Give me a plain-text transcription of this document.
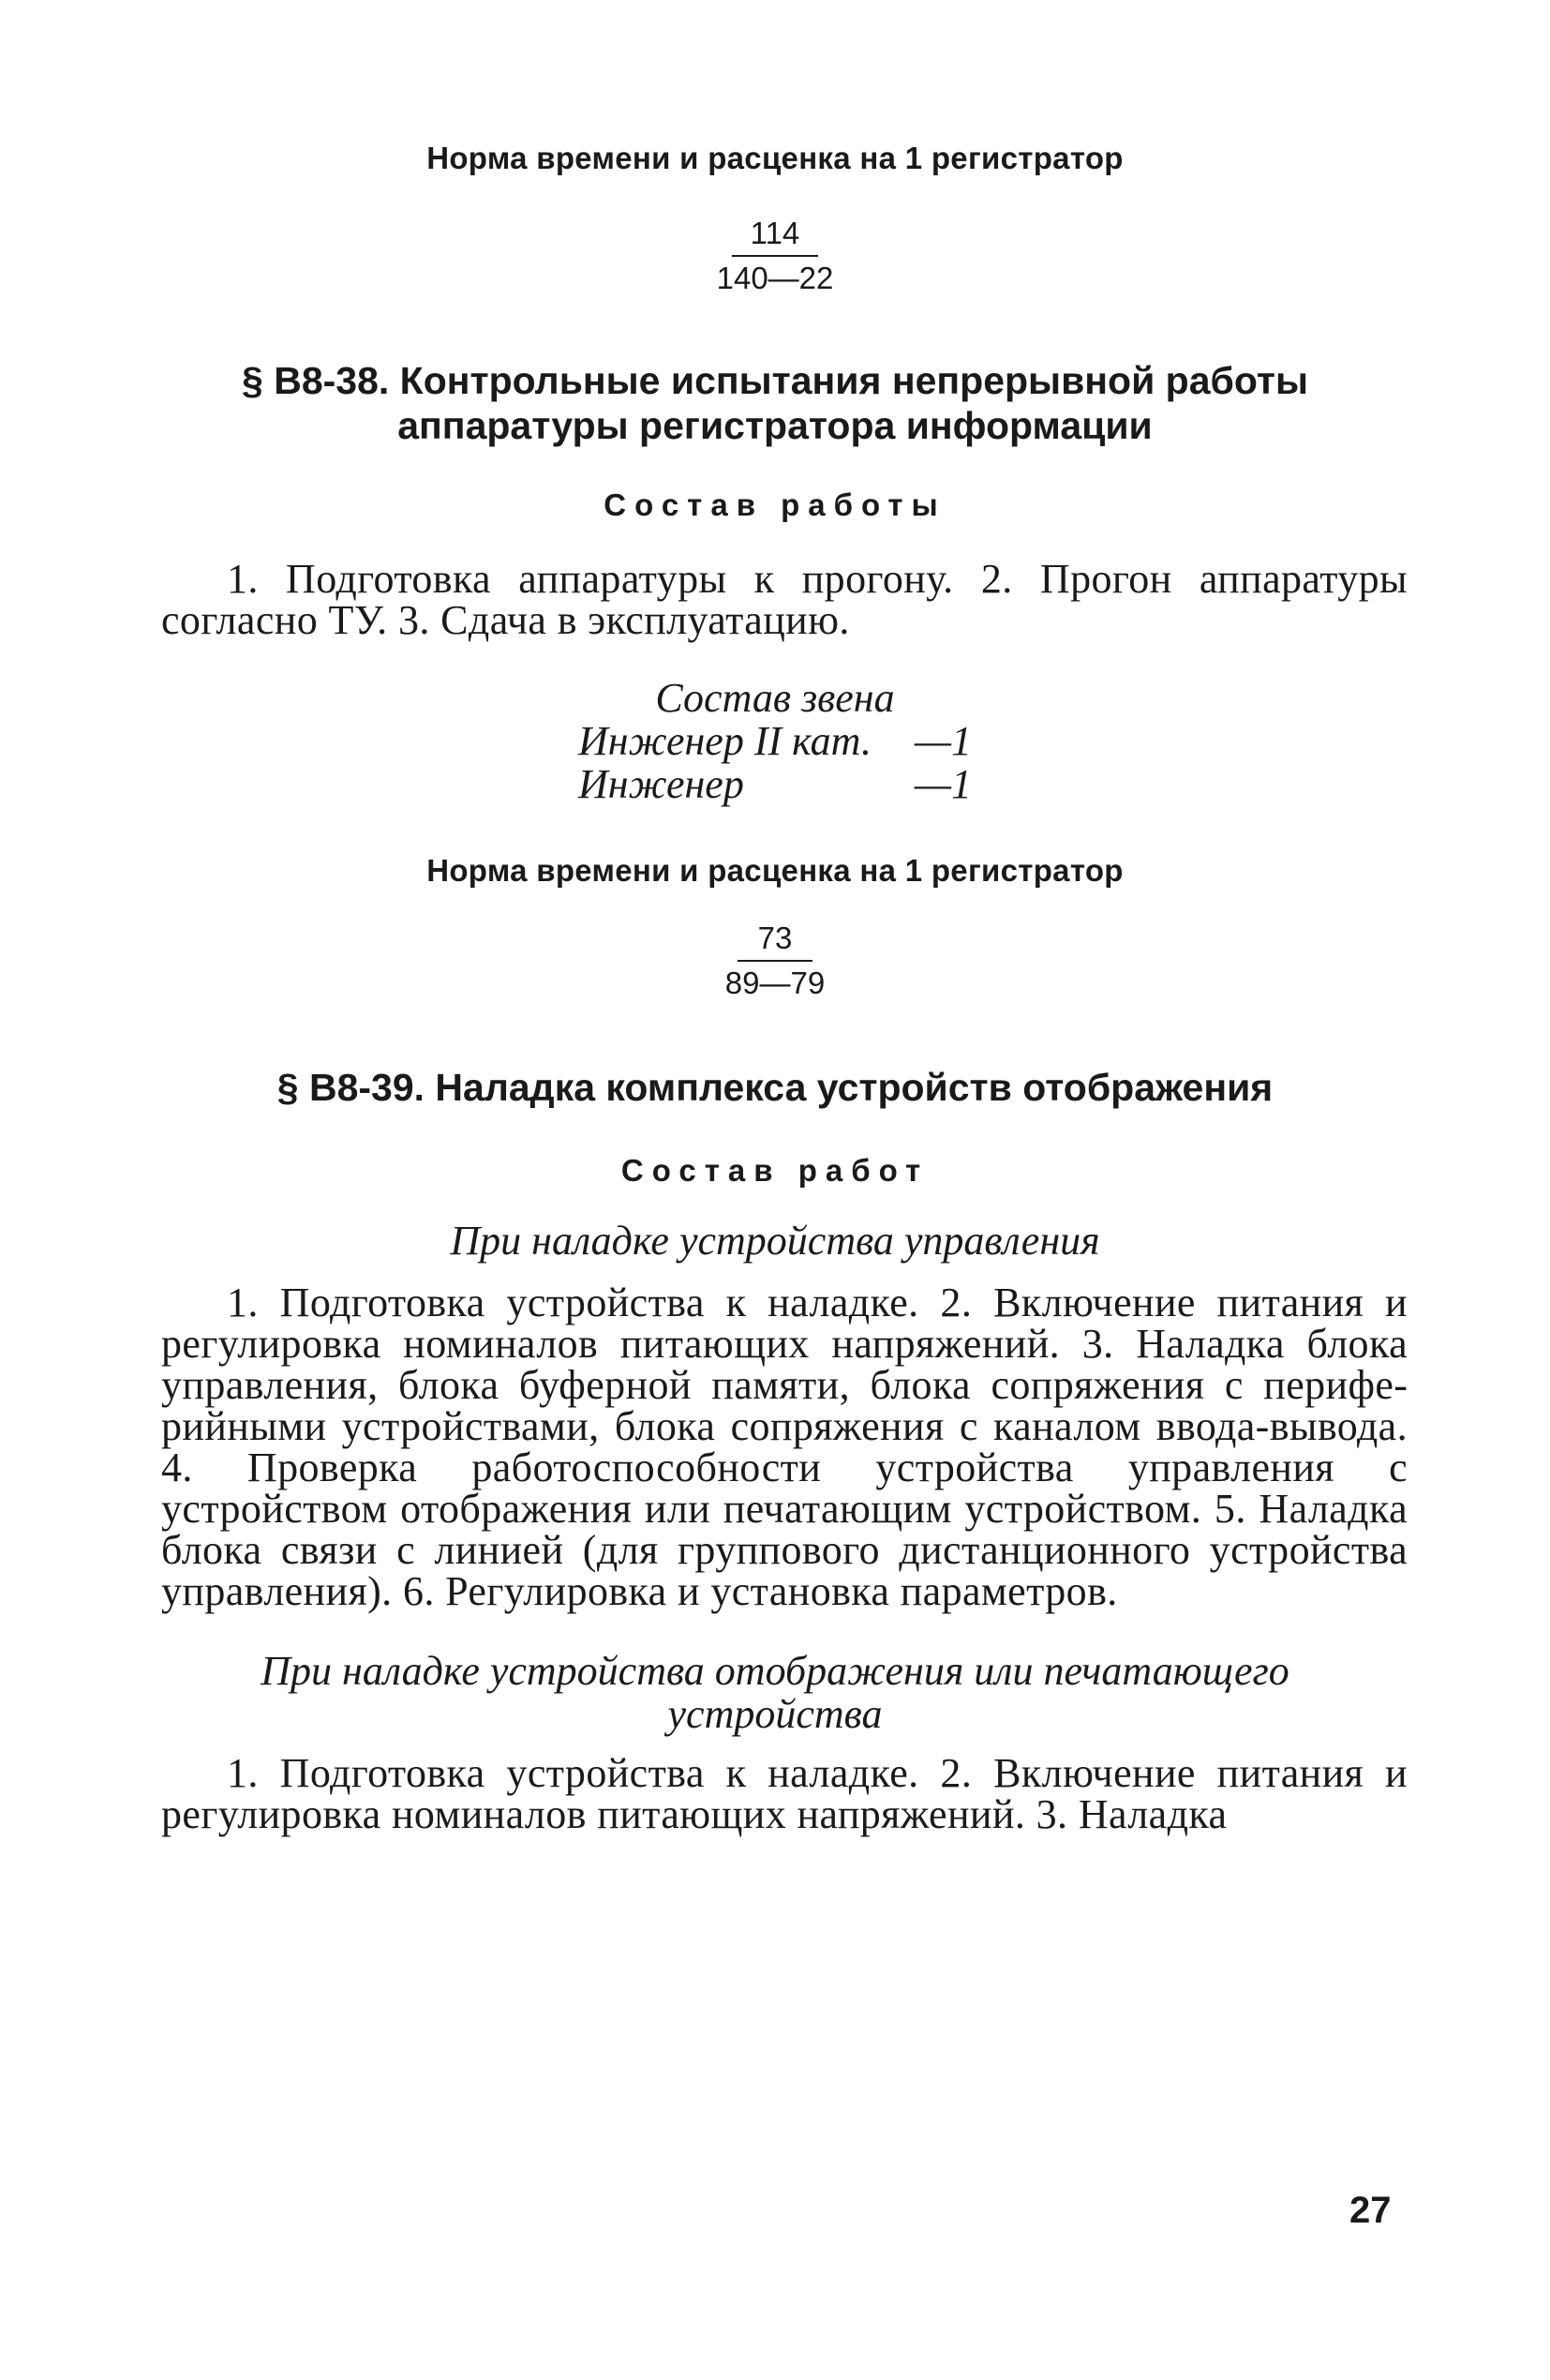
Норма времени и расценка на 1 регистратор
$\frac{114}{140—22}$
§ В8-38. Контрольные испытания непрерывной работы
аппаратуры регистратора информации
Состав работы
1. Подготовка аппаратуры к прогону. 2. Прогон аппаратуры согласно ТУ. 3. Сдача в эксплуатацию.
Состав звена
Инженер II кат. —1
Инженер	—1
Норма времени и расценка на 1 регистратор
$\frac{73}{89—79}$
§ В8-39. Наладка комплекса устройств отображения
Состав работ
При наладке устройства управления
1. Подготовка устройства к наладке. 2. Включение питания и регулировка номиналов питающих напряжений. 3. Наладка блока управления, блока буферной памяти, блока сопряжения с периферийными устройствами, блока сопряжения с каналом ввода-вывода. 4. Проверка работоспособности устройства управления с устройством отображения или печатающим устройством. 5. Наладка блока связи с линией (для группового дистанционного устройства управления). 6. Регулировка и установка параметров.
При наладке устройства отображения или печатающего
устройства
1. Подготовка устройства к наладке. 2. Включение питания и регулировка номиналов питающих напряжений. 3. Наладка
27
